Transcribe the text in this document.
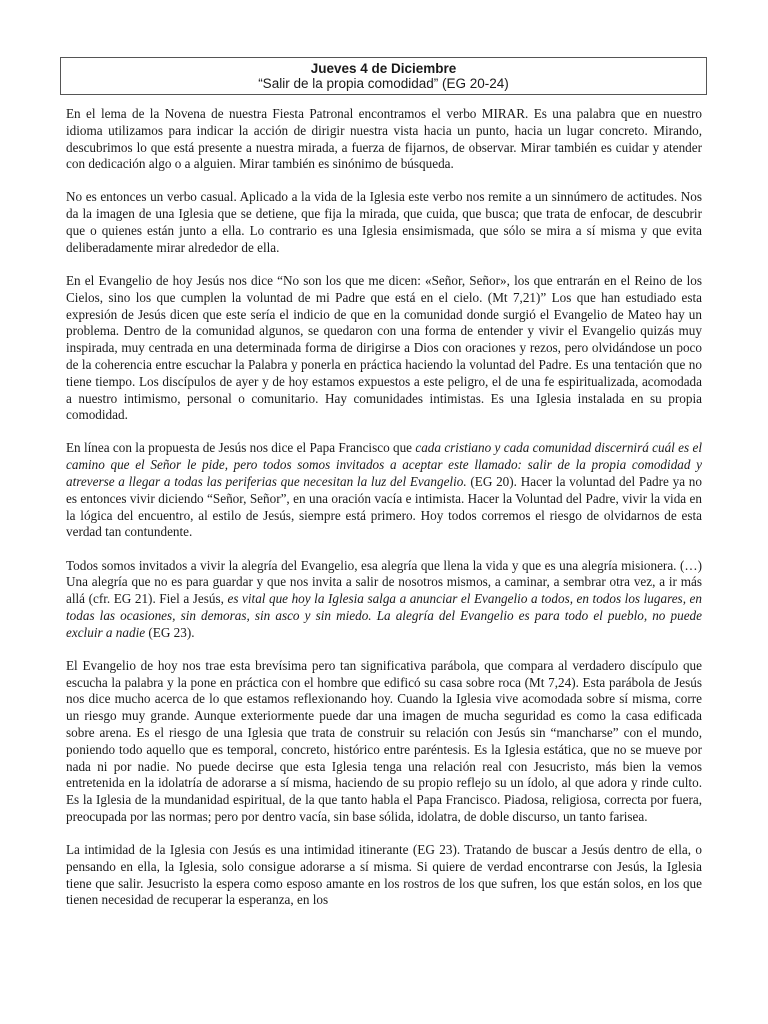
Jueves 4 de Diciembre
“Salir de la propia comodidad” (EG 20-24)

En el lema de la Novena de nuestra Fiesta Patronal encontramos el verbo MIRAR. Es una palabra que en nuestro idioma utilizamos para indicar la acción de dirigir nuestra vista hacia un punto, hacia un lugar concreto. Mirando, descubrimos lo que está presente a nuestra mirada, a fuerza de fijarnos, de observar. Mirar también es cuidar y atender con dedicación algo o a alguien. Mirar también es sinónimo de búsqueda.

No es entonces un verbo casual. Aplicado a la vida de la Iglesia este verbo nos remite a un sinnúmero de actitudes. Nos da la imagen de una Iglesia que se detiene, que fija la mirada, que cuida, que busca; que trata de enfocar, de descubrir que o quienes están junto a ella. Lo contrario es una Iglesia ensimismada, que sólo se mira a sí misma y que evita deliberadamente mirar alrededor de ella.

En el Evangelio de hoy Jesús nos dice “No son los que me dicen: «Señor, Señor», los que entrarán en el Reino de los Cielos, sino los que cumplen la voluntad de mi Padre que está en el cielo. (Mt 7,21)” Los que han estudiado esta expresión de Jesús dicen que este sería el indicio de que en la comunidad donde surgió el Evangelio de Mateo hay un problema. Dentro de la comunidad algunos, se quedaron con una forma de entender y vivir el Evangelio quizás muy inspirada, muy centrada en una determinada forma de dirigirse a Dios con oraciones y rezos, pero olvidándose un poco de la coherencia entre escuchar la Palabra y ponerla en práctica haciendo la voluntad del Padre. Es una tentación que no tiene tiempo. Los discípulos de ayer y de hoy estamos expuestos a este peligro, el de una fe espiritualizada, acomodada a nuestro intimismo, personal o comunitario. Hay comunidades intimistas. Es una Iglesia instalada en su propia comodidad.

En línea con la propuesta de Jesús nos dice el Papa Francisco que cada cristiano y cada comunidad discernirá cuál es el camino que el Señor le pide, pero todos somos invitados a aceptar este llamado: salir de la propia comodidad y atreverse a llegar a todas las periferias que necesitan la luz del Evangelio. (EG 20). Hacer la voluntad del Padre ya no es entonces vivir diciendo “Señor, Señor”, en una oración vacía e intimista. Hacer la Voluntad del Padre, vivir la vida en la lógica del encuentro, al estilo de Jesús, siempre está primero. Hoy todos corremos el riesgo de olvidarnos de esta verdad tan contundente.

Todos somos invitados a vivir la alegría del Evangelio, esa alegría que llena la vida y que es una alegría misionera. (…) Una alegría que no es para guardar y que nos invita a salir de nosotros mismos, a caminar, a sembrar otra vez, a ir más allá (cfr. EG 21). Fiel a Jesús, es vital que hoy la Iglesia salga a anunciar el Evangelio a todos, en todos los lugares, en todas las ocasiones, sin demoras, sin asco y sin miedo. La alegría del Evangelio es para todo el pueblo, no puede excluir a nadie (EG 23).

El Evangelio de hoy nos trae esta brevísima pero tan significativa parábola, que compara al verdadero discípulo que escucha la palabra y la pone en práctica con el hombre que edificó su casa sobre roca (Mt 7,24). Esta parábola de Jesús nos dice mucho acerca de lo que estamos reflexionando hoy. Cuando la Iglesia vive acomodada sobre sí misma, corre un riesgo muy grande. Aunque exteriormente puede dar una imagen de mucha seguridad es como la casa edificada sobre arena. Es el riesgo de una Iglesia que trata de construir su relación con Jesús sin “mancharse” con el mundo, poniendo todo aquello que es temporal, concreto, histórico entre paréntesis. Es la Iglesia estática, que no se mueve por nada ni por nadie. No puede decirse que esta Iglesia tenga una relación real con Jesucristo, más bien la vemos entretenida en la idolatría de adorarse a sí misma, haciendo de su propio reflejo su un ídolo, al que adora y rinde culto. Es la Iglesia de la mundanidad espiritual, de la que tanto habla el Papa Francisco. Piadosa, religiosa, correcta por fuera, preocupada por las normas; pero por dentro vacía, sin base sólida, idolatra, de doble discurso, un tanto farisea.

La intimidad de la Iglesia con Jesús es una intimidad itinerante (EG 23). Tratando de buscar a Jesús dentro de ella, o pensando en ella, la Iglesia, solo consigue adorarse a sí misma. Si quiere de verdad encontrarse con Jesús, la Iglesia tiene que salir. Jesucristo la espera como esposo amante en los rostros de los que sufren, los que están solos, en los que tienen necesidad de recuperar la esperanza, en los
